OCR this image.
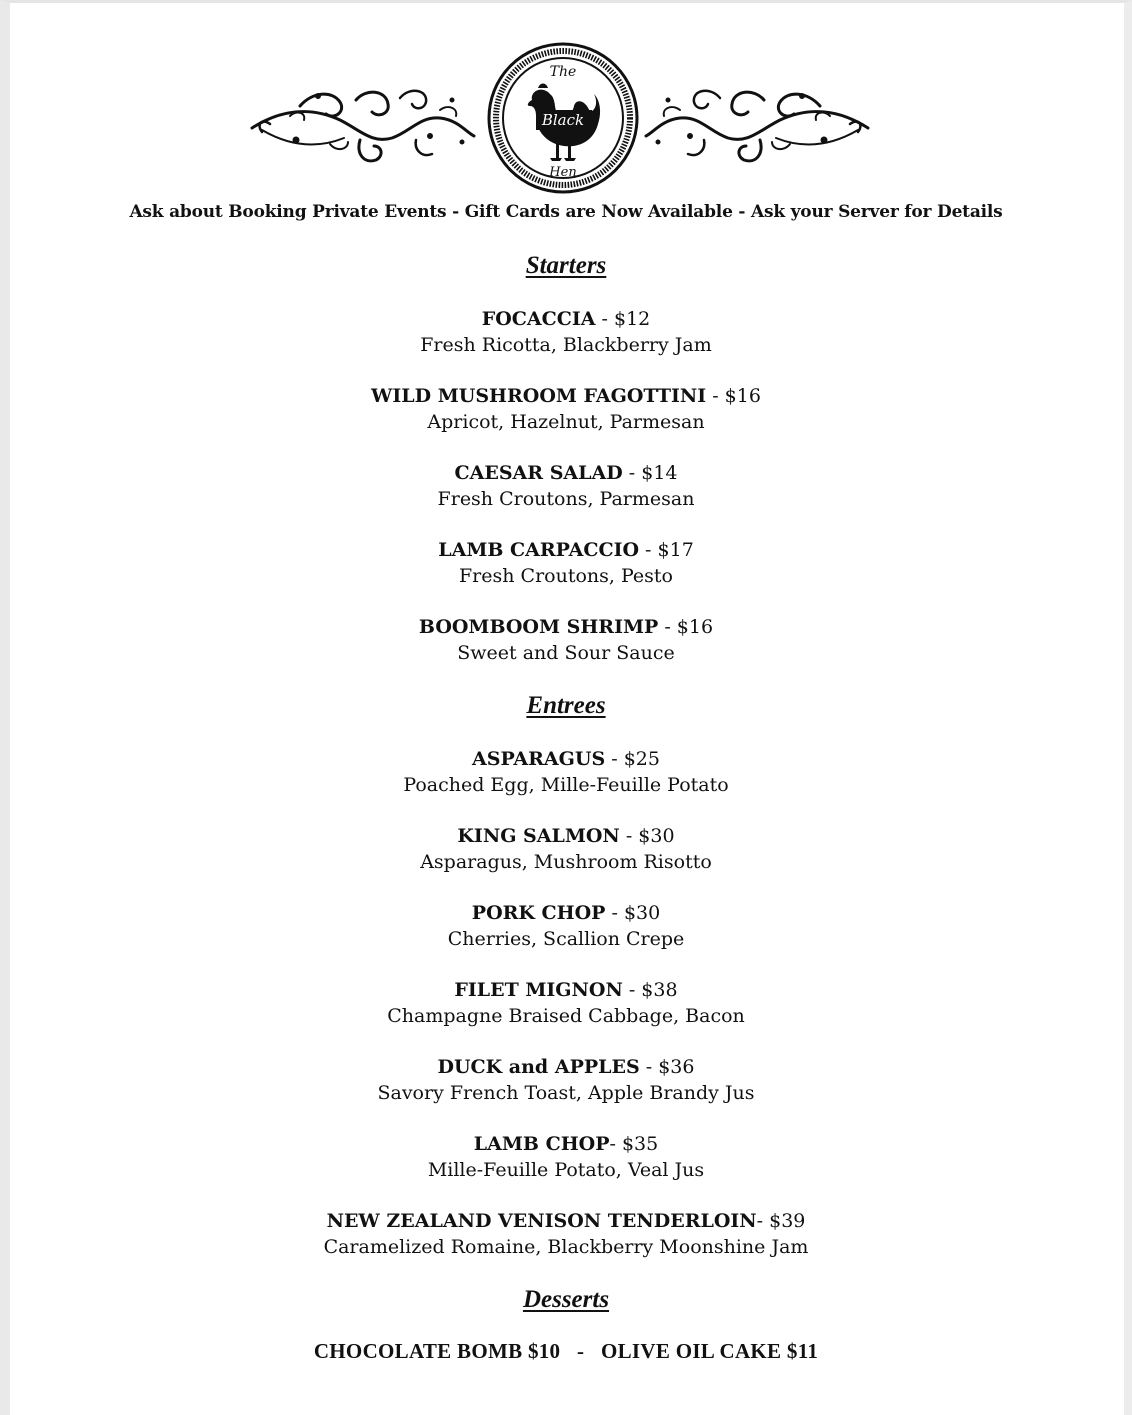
The
Black
Hen
Ask about Booking Private Events - Gift Cards are Now Available - Ask your Server for Details
Starters
FOCACCIA - $12
Fresh Ricotta, Blackberry Jam
WILD MUSHROOM FAGOTTINI - $16
Apricot, Hazelnut, Parmesan
CAESAR SALAD - $14
Fresh Croutons, Parmesan
LAMB CARPACCIO - $17
Fresh Croutons, Pesto
BOOMBOOM SHRIMP - $16
Sweet and Sour Sauce
Entrees
ASPARAGUS - $25
Poached Egg, Mille-Feuille Potato
KING SALMON - $30
Asparagus, Mushroom Risotto
PORK CHOP - $30
Cherries, Scallion Crepe
FILET MIGNON - $38
Champagne Braised Cabbage, Bacon
DUCK and APPLES - $36
Savory French Toast, Apple Brandy Jus
LAMB CHOP- $35
Mille-Feuille Potato, Veal Jus
NEW ZEALAND VENISON TENDERLOIN- $39
Caramelized Romaine, Blackberry Moonshine Jam
Desserts
CHOCOLATE BOMB $10   -   OLIVE OIL CAKE $11
